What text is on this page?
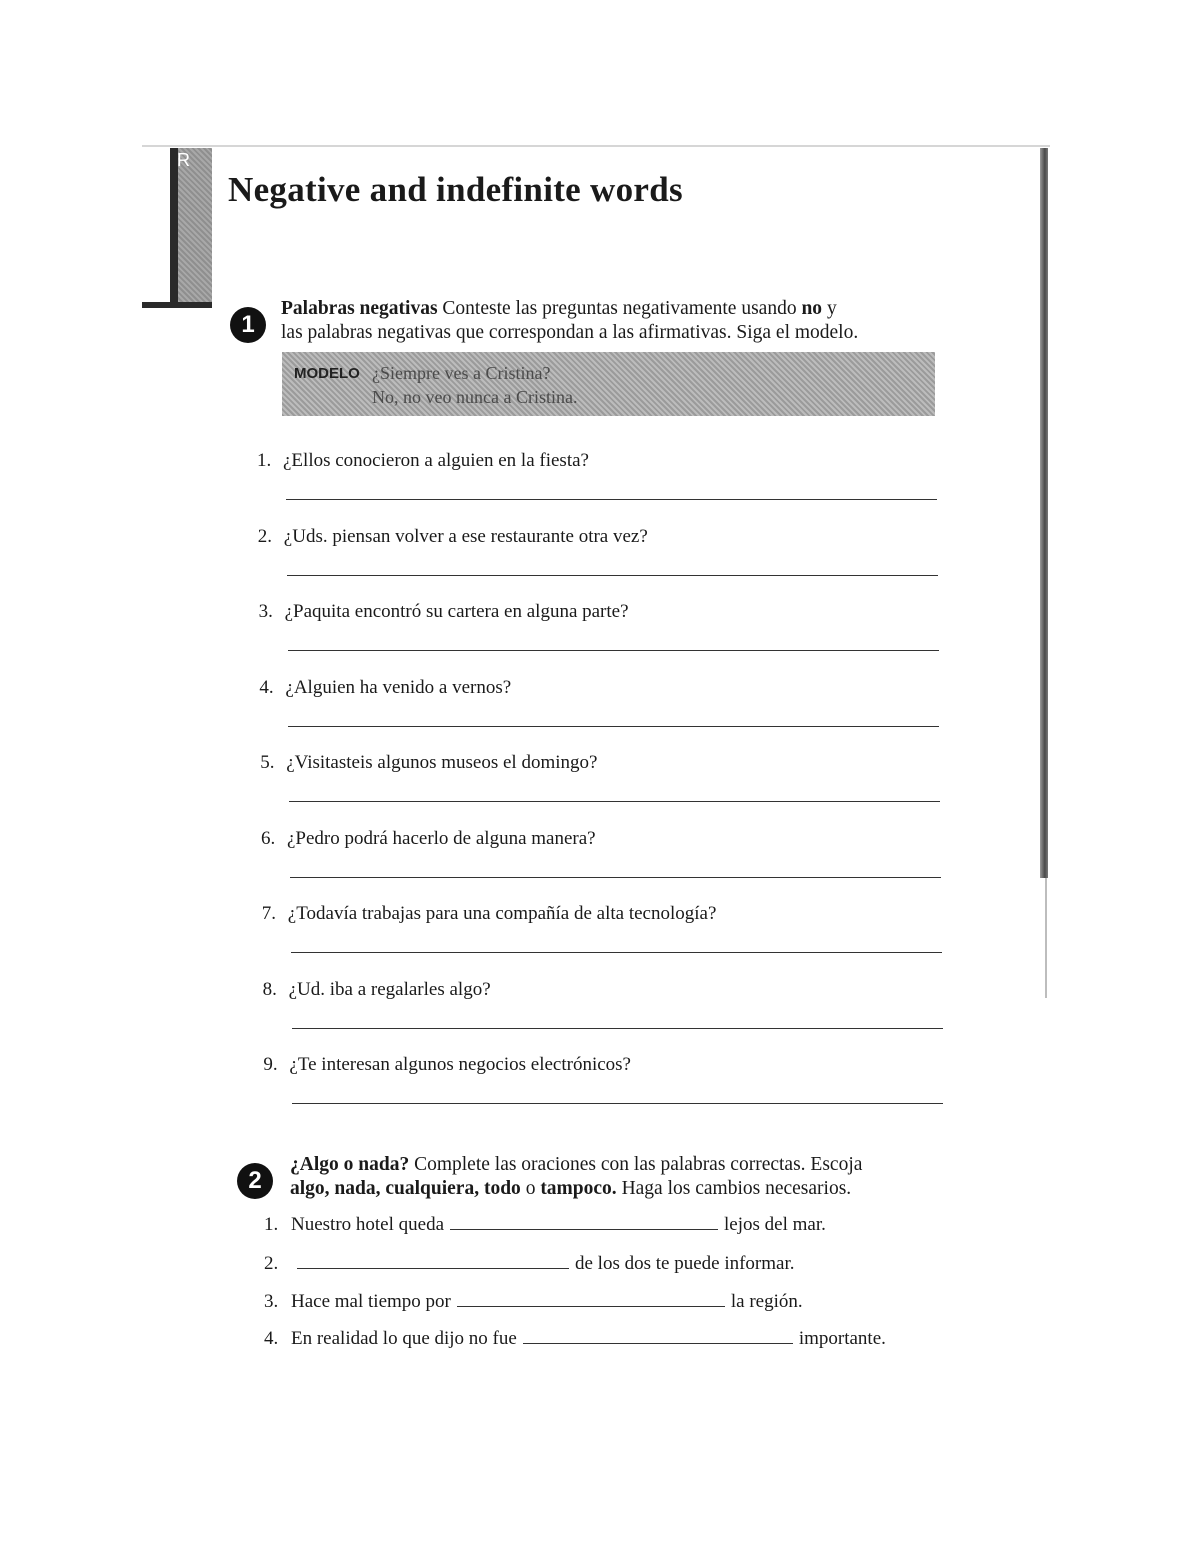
R
Negative and indefinite words
1
Palabras negativas Conteste las preguntas negativamente usando no y
las palabras negativas que correspondan a las afirmativas. Siga el modelo.
MODELO ¿Siempre ves a Cristina?
No, no veo nunca a Cristina.
1. ¿Ellos conocieron a alguien en la fiesta?
2. ¿Uds. piensan volver a ese restaurante otra vez?
3. ¿Paquita encontró su cartera en alguna parte?
4. ¿Alguien ha venido a vernos?
5. ¿Visitasteis algunos museos el domingo?
6. ¿Pedro podrá hacerlo de alguna manera?
7. ¿Todavía trabajas para una compañía de alta tecnología?
8. ¿Ud. iba a regalarles algo?
9. ¿Te interesan algunos negocios electrónicos?
2
¿Algo o nada? Complete las oraciones con las palabras correctas. Escoja
algo, nada, cualquiera, todo o tampoco. Haga los cambios necesarios.
1. Nuestro hotel queda	lejos del mar.
2.	de los dos te puede informar.
3. Hace mal tiempo por	la región.
4. En realidad lo que dijo no fue	importante.
